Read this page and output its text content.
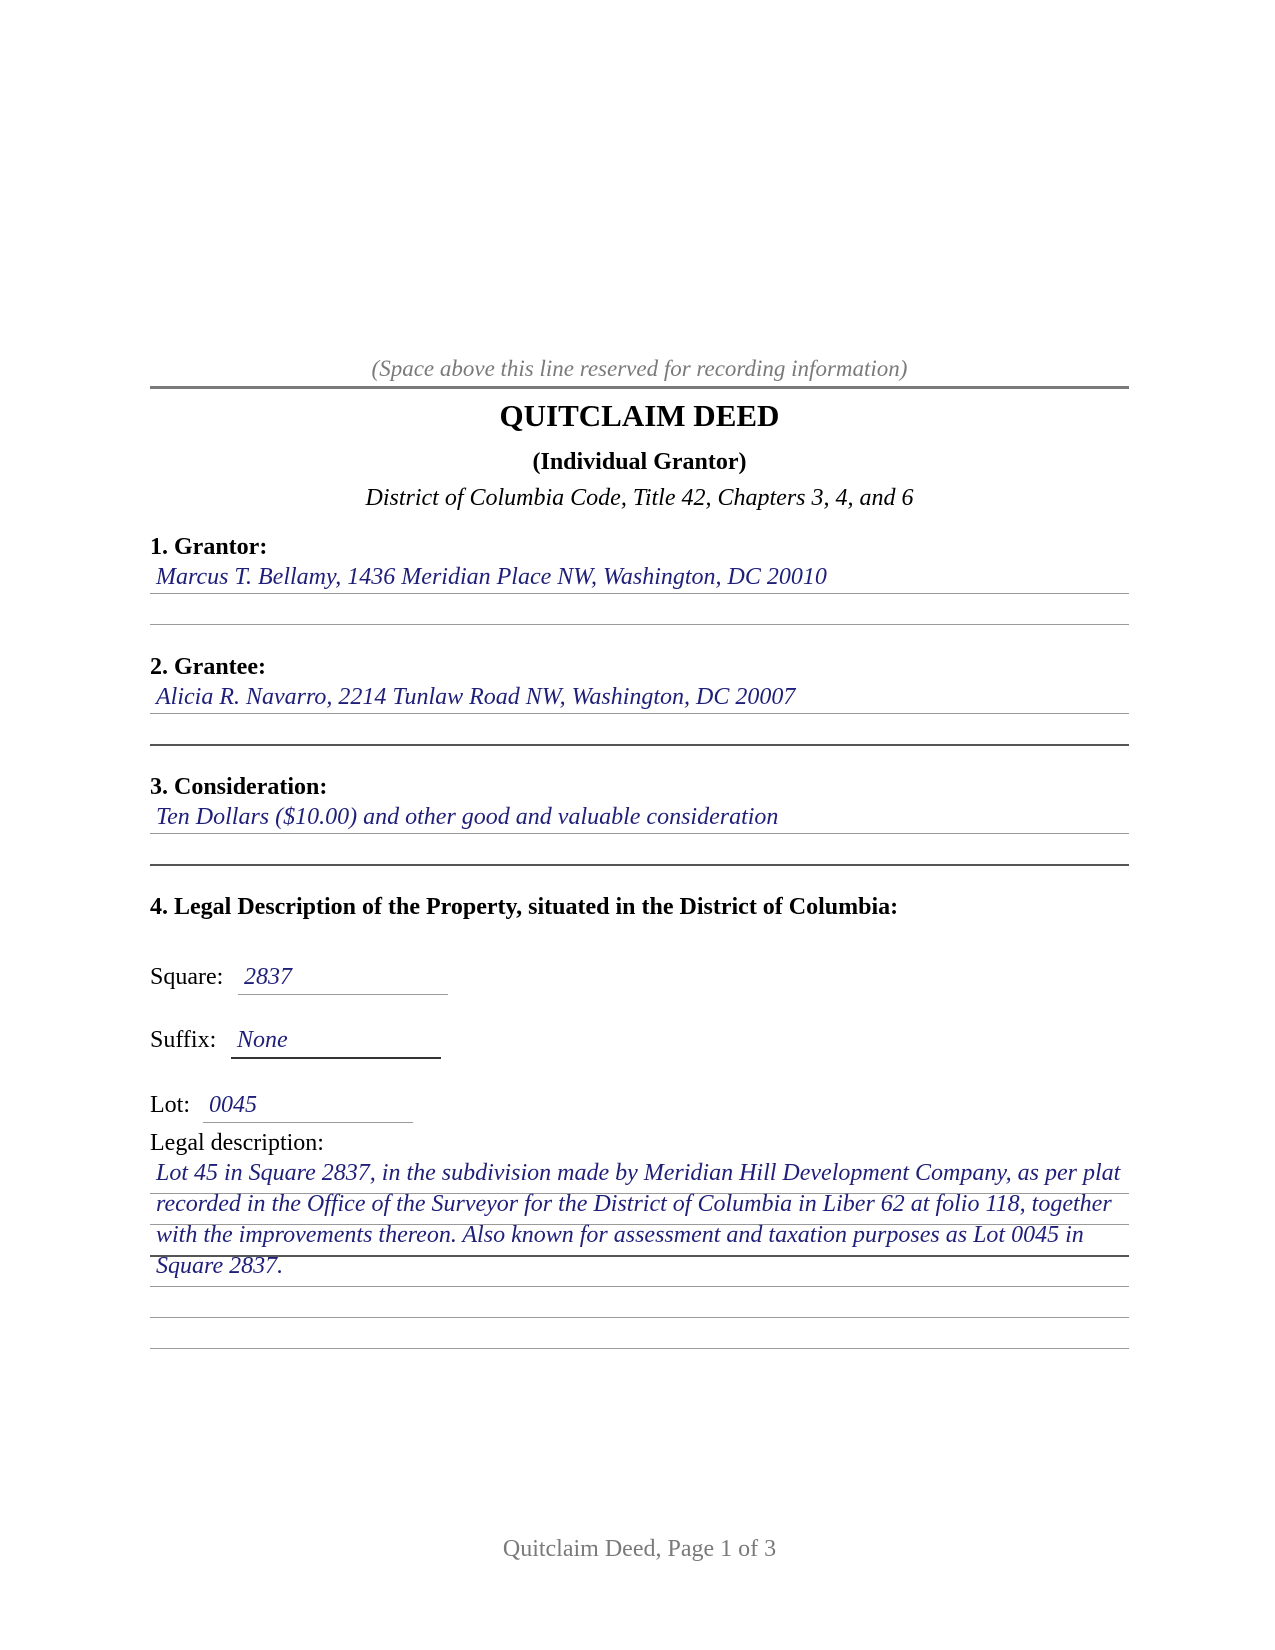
(Space above this line reserved for recording information)
QUITCLAIM DEED
(Individual Grantor)
District of Columbia Code, Title 42, Chapters 3, 4, and 6
1. Grantor:
Marcus T. Bellamy, 1436 Meridian Place NW, Washington, DC 20010
2. Grantee:
Alicia R. Navarro, 2214 Tunlaw Road NW, Washington, DC 20007
3. Consideration:
Ten Dollars ($10.00) and other good and valuable consideration
4. Legal Description of the Property, situated in the District of Columbia:
Square: 2837
Suffix: None
Lot: 0045
Legal description:
Lot 45 in Square 2837, in the subdivision made by Meridian Hill Development Company, as per plat recorded in the Office of the Surveyor for the District of Columbia in Liber 62 at folio 118, together with the improvements thereon. Also known for assessment and taxation purposes as Lot 0045 in Square 2837.
Quitclaim Deed, Page 1 of 3
